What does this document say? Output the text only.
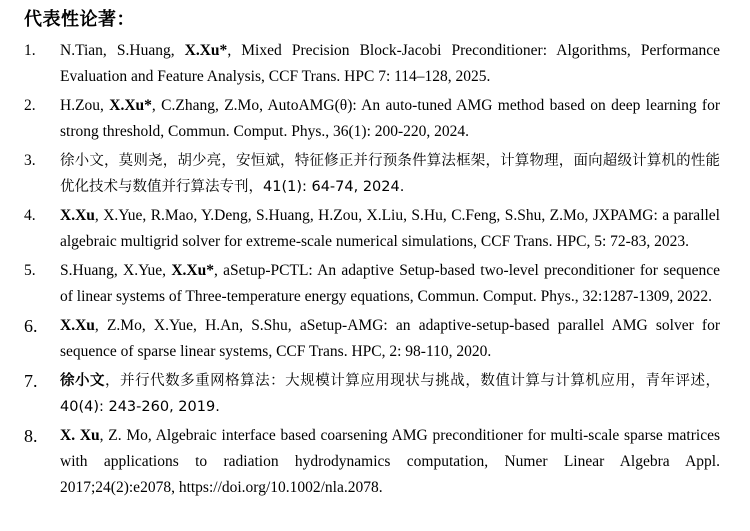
代表性论著：
1.	N.Tian, S.Huang, X.Xu*, Mixed Precision Block-Jacobi Preconditioner: Algorithms, Performance Evaluation and Feature Analysis, CCF Trans. HPC 7: 114–128, 2025.
2.	H.Zou, X.Xu*, C.Zhang, Z.Mo, AutoAMG(θ): An auto-tuned AMG method based on deep learning for strong threshold, Commun. Comput. Phys., 36(1): 200-220, 2024.
3.	徐小文，莫则尧，胡少亮，安恒斌，特征修正并行预条件算法框架，计算物理，面向超级计算机的性能优化技术与数值并行算法专刊，41(1): 64-74, 2024.
4.	X.Xu, X.Yue, R.Mao, Y.Deng, S.Huang, H.Zou, X.Liu, S.Hu, C.Feng, S.Shu, Z.Mo, JXPAMG: a parallel algebraic multigrid solver for extreme-scale numerical simulations, CCF Trans. HPC, 5: 72-83, 2023.
5.	S.Huang, X.Yue, X.Xu*, aSetup-PCTL: An adaptive Setup-based two-level preconditioner for sequence of linear systems of Three-temperature energy equations, Commun. Comput. Phys., 32:1287-1309, 2022.
6.	X.Xu, Z.Mo, X.Yue, H.An, S.Shu, aSetup-AMG: an adaptive-setup-based parallel AMG solver for sequence of sparse linear systems, CCF Trans. HPC, 2: 98-110, 2020.
7.	徐小文，并行代数多重网格算法：大规模计算应用现状与挑战，数值计算与计算机应用，青年评述，40(4): 243-260, 2019.
8.	X. Xu, Z. Mo, Algebraic interface based coarsening AMG preconditioner for multi-scale sparse matrices with applications to radiation hydrodynamics computation, Numer Linear Algebra Appl. 2017;24(2):e2078, https://doi.org/10.1002/nla.2078.
